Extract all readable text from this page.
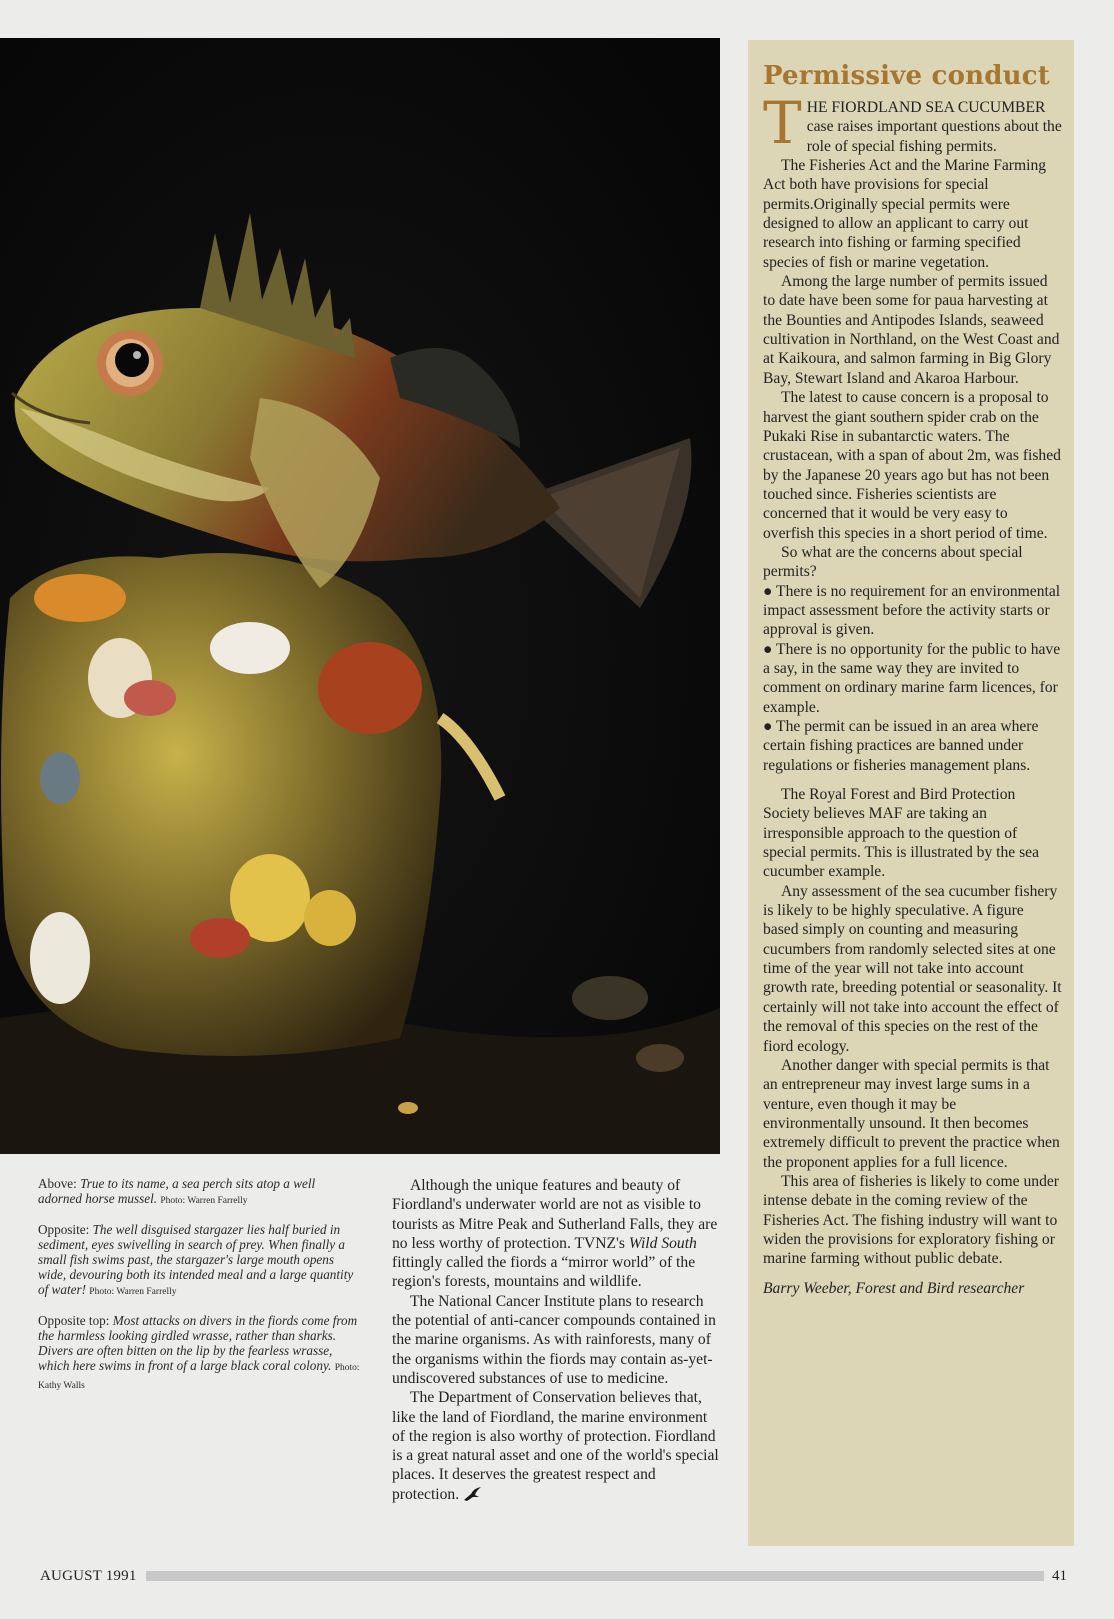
Above: True to its name, a sea perch sits atop a well adorned horse mussel. Photo: Warren Farrelly

Opposite: The well disguised stargazer lies half buried in sediment, eyes swivelling in search of prey. When finally a small fish swims past, the stargazer's large mouth opens wide, devouring both its intended meal and a large quantity of water! Photo: Warren Farrelly

Opposite top: Most attacks on divers in the fiords come from the harmless looking girdled wrasse, rather than sharks. Divers are often bitten on the lip by the fearless wrasse, which here swims in front of a large black coral colony. Photo: Kathy Walls

Although the unique features and beauty of Fiordland's underwater world are not as visible to tourists as Mitre Peak and Sutherland Falls, they are no less worthy of protection. TVNZ's Wild South fittingly called the fiords a “mirror world” of the region's forests, mountains and wildlife.

The National Cancer Institute plans to research the potential of anti-cancer compounds contained in the marine organisms. As with rainforests, many of the organisms within the fiords may contain as-yet-undiscovered substances of use to medicine.

The Department of Conservation believes that, like the land of Fiordland, the marine environment of the region is also worthy of protection. Fiordland is a great natural asset and one of the world's special places. It deserves the greatest respect and protection.

Permissive conduct

THE FIORDLAND SEA CUCUMBER case raises important questions about the role of special fishing permits.

The Fisheries Act and the Marine Farming Act both have provisions for special permits.Originally special permits were designed to allow an applicant to carry out research into fishing or farming specified species of fish or marine vegetation.

Among the large number of permits issued to date have been some for paua harvesting at the Bounties and Antipodes Islands, seaweed cultivation in Northland, on the West Coast and at Kaikoura, and salmon farming in Big Glory Bay, Stewart Island and Akaroa Harbour.

The latest to cause concern is a proposal to harvest the giant southern spider crab on the Pukaki Rise in subantarctic waters. The crustacean, with a span of about 2m, was fished by the Japanese 20 years ago but has not been touched since. Fisheries scientists are concerned that it would be very easy to overfish this species in a short period of time.

So what are the concerns about special permits?

● There is no requirement for an environmental impact assessment before the activity starts or approval is given.

● There is no opportunity for the public to have a say, in the same way they are invited to comment on ordinary marine farm licences, for example.

● The permit can be issued in an area where certain fishing practices are banned under regulations or fisheries management plans.

The Royal Forest and Bird Protection Society believes MAF are taking an irresponsible approach to the question of special permits. This is illustrated by the sea cucumber example.

Any assessment of the sea cucumber fishery is likely to be highly speculative. A figure based simply on counting and measuring cucumbers from randomly selected sites at one time of the year will not take into account growth rate, breeding potential or seasonality. It certainly will not take into account the effect of the removal of this species on the rest of the fiord ecology.

Another danger with special permits is that an entrepreneur may invest large sums in a venture, even though it may be environmentally unsound. It then becomes extremely difficult to prevent the practice when the proponent applies for a full licence.

This area of fisheries is likely to come under intense debate in the coming review of the Fisheries Act. The fishing industry will want to widen the provisions for exploratory fishing or marine farming without public debate.

Barry Weeber, Forest and Bird researcher
AUGUST 1991	41
